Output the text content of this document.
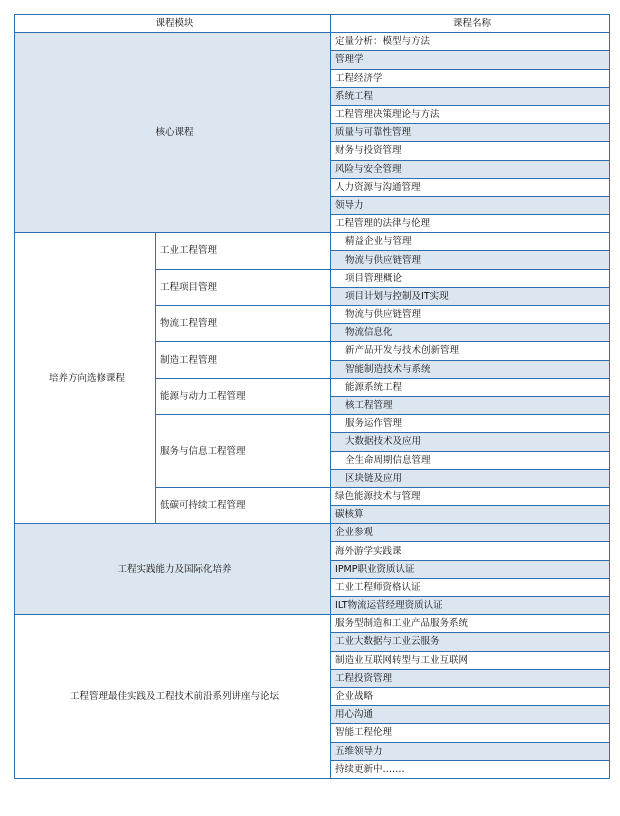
课程模块		课程名称
核心课程		定量分析：模型与方法
		管理学
		工程经济学
		系统工程
		工程管理决策理论与方法
		质量与可靠性管理
		财务与投资管理
		风险与安全管理
		人力资源与沟通管理
		领导力
		工程管理的法律与伦理
培养方向选修课程	工业工程管理	精益企业与管理
		物流与供应链管理
	工程项目管理	项目管理概论
		项目计划与控制及IT实现
	物流工程管理	物流与供应链管理
		物流信息化
	制造工程管理	新产品开发与技术创新管理
		智能制造技术与系统
	能源与动力工程管理	能源系统工程
		核工程管理
	服务与信息工程管理	服务运作管理
		大数据技术及应用
		全生命周期信息管理
		区块链及应用
	低碳可持续工程管理	绿色能源技术与管理
		碳核算
工程实践能力及国际化培养		企业参观
		海外游学实践课
		IPMP职业资质认证
		工业工程师资格认证
		ILT物流运营经理资质认证
工程管理最佳实践及工程技术前沿系列讲座与论坛		服务型制造和工业产品服务系统
		工业大数据与工业云服务
		制造业互联网转型与工业互联网
		工程投资管理
		企业战略
		用心沟通
		智能工程伦理
		五维领导力
		持续更新中…….
